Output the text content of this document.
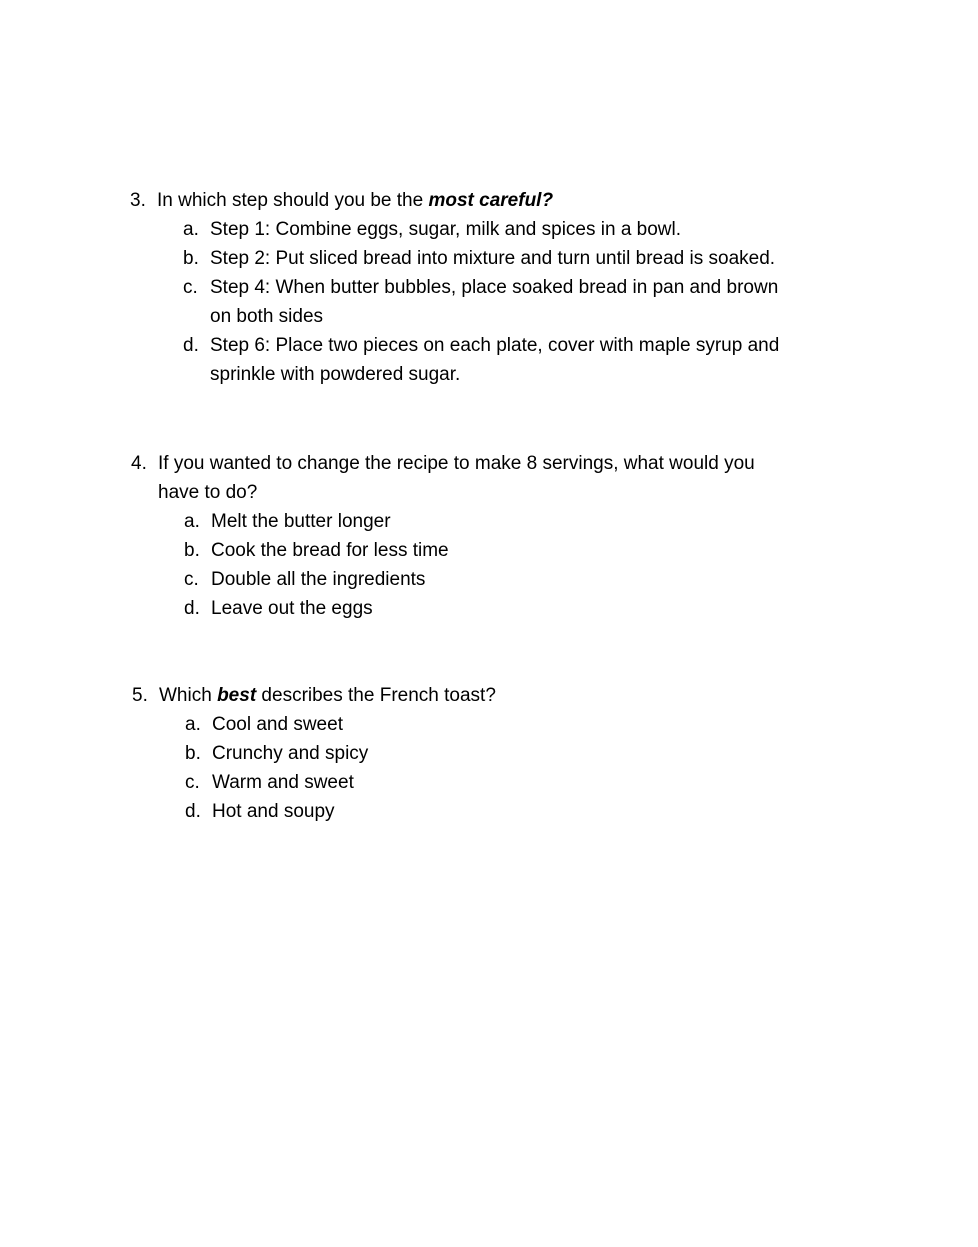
3. In which step should you be the most careful?
a. Step 1: Combine eggs, sugar, milk and spices in a bowl.
b. Step 2: Put sliced bread into mixture and turn until bread is soaked.
c. Step 4: When butter bubbles, place soaked bread in pan and brown on both sides
d. Step 6: Place two pieces on each plate, cover with maple syrup and sprinkle with powdered sugar.
4. If you wanted to change the recipe to make 8 servings, what would you have to do?
a. Melt the butter longer
b. Cook the bread for less time
c. Double all the ingredients
d. Leave out the eggs
5. Which best describes the French toast?
a. Cool and sweet
b. Crunchy and spicy
c. Warm and sweet
d. Hot and soupy
